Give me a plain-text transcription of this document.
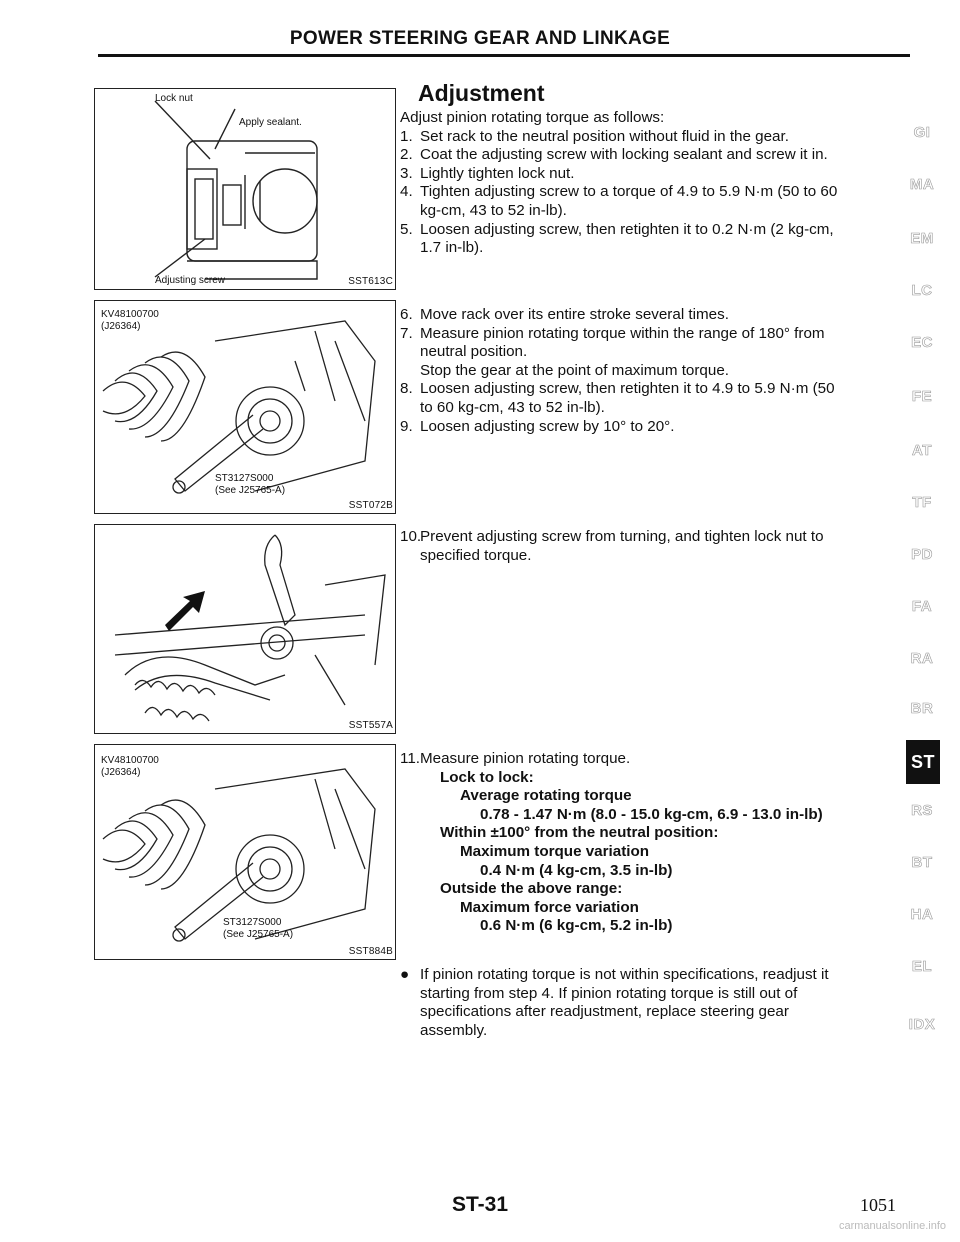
POWER STEERING GEAR AND LINKAGE
Lock nut
Apply sealant.
Adjusting screw	SST613C
KV48100700
(J26364)
ST3127S000
(See J25765-A)
SST072B
SST557A
KV48100700
(J26364)
ST3127S000
(See J25765-A)
SST884B
Adjustment
Adjust pinion rotating torque as follows:
1. Set rack to the neutral position without fluid in the gear.
2. Coat the adjusting screw with locking sealant and screw it in.
3. Lightly tighten lock nut.
4. Tighten adjusting screw to a torque of 4.9 to 5.9 N·m (50 to 60
kg-cm, 43 to 52 in-lb).
5. Loosen adjusting screw, then retighten it to 0.2 N·m (2 kg-cm,
1.7 in-lb).
6. Move rack over its entire stroke several times.
7. Measure pinion rotating torque within the range of 180° from
neutral position.
Stop the gear at the point of maximum torque.
8. Loosen adjusting screw, then retighten it to 4.9 to 5.9 N·m (50
to 60 kg-cm, 43 to 52 in-lb).
9. Loosen adjusting screw by 10° to 20°.
10.Prevent adjusting screw from turning, and tighten lock nut to
specified torque.
11.Measure pinion rotating torque.
Lock to lock:
Average rotating torque
0.78 - 1.47 N·m (8.0 - 15.0 kg-cm, 6.9 - 13.0 in-lb)
Within ±100° from the neutral position:
Maximum torque variation
0.4 N·m (4 kg-cm, 3.5 in-lb)
Outside the above range:
Maximum force variation
0.6 N·m (6 kg-cm, 5.2 in-lb)
● If pinion rotating torque is not within specifications, readjust it
starting from step 4. If pinion rotating torque is still out of
specifications after readjustment, replace steering gear
assembly.
GI
MA
EM
LC
EC
FE
AT
TF
PD
FA
RA
BR
ST
RS
BT
HA
EL
IDX
ST-31	1051
carmanualsonline.info
